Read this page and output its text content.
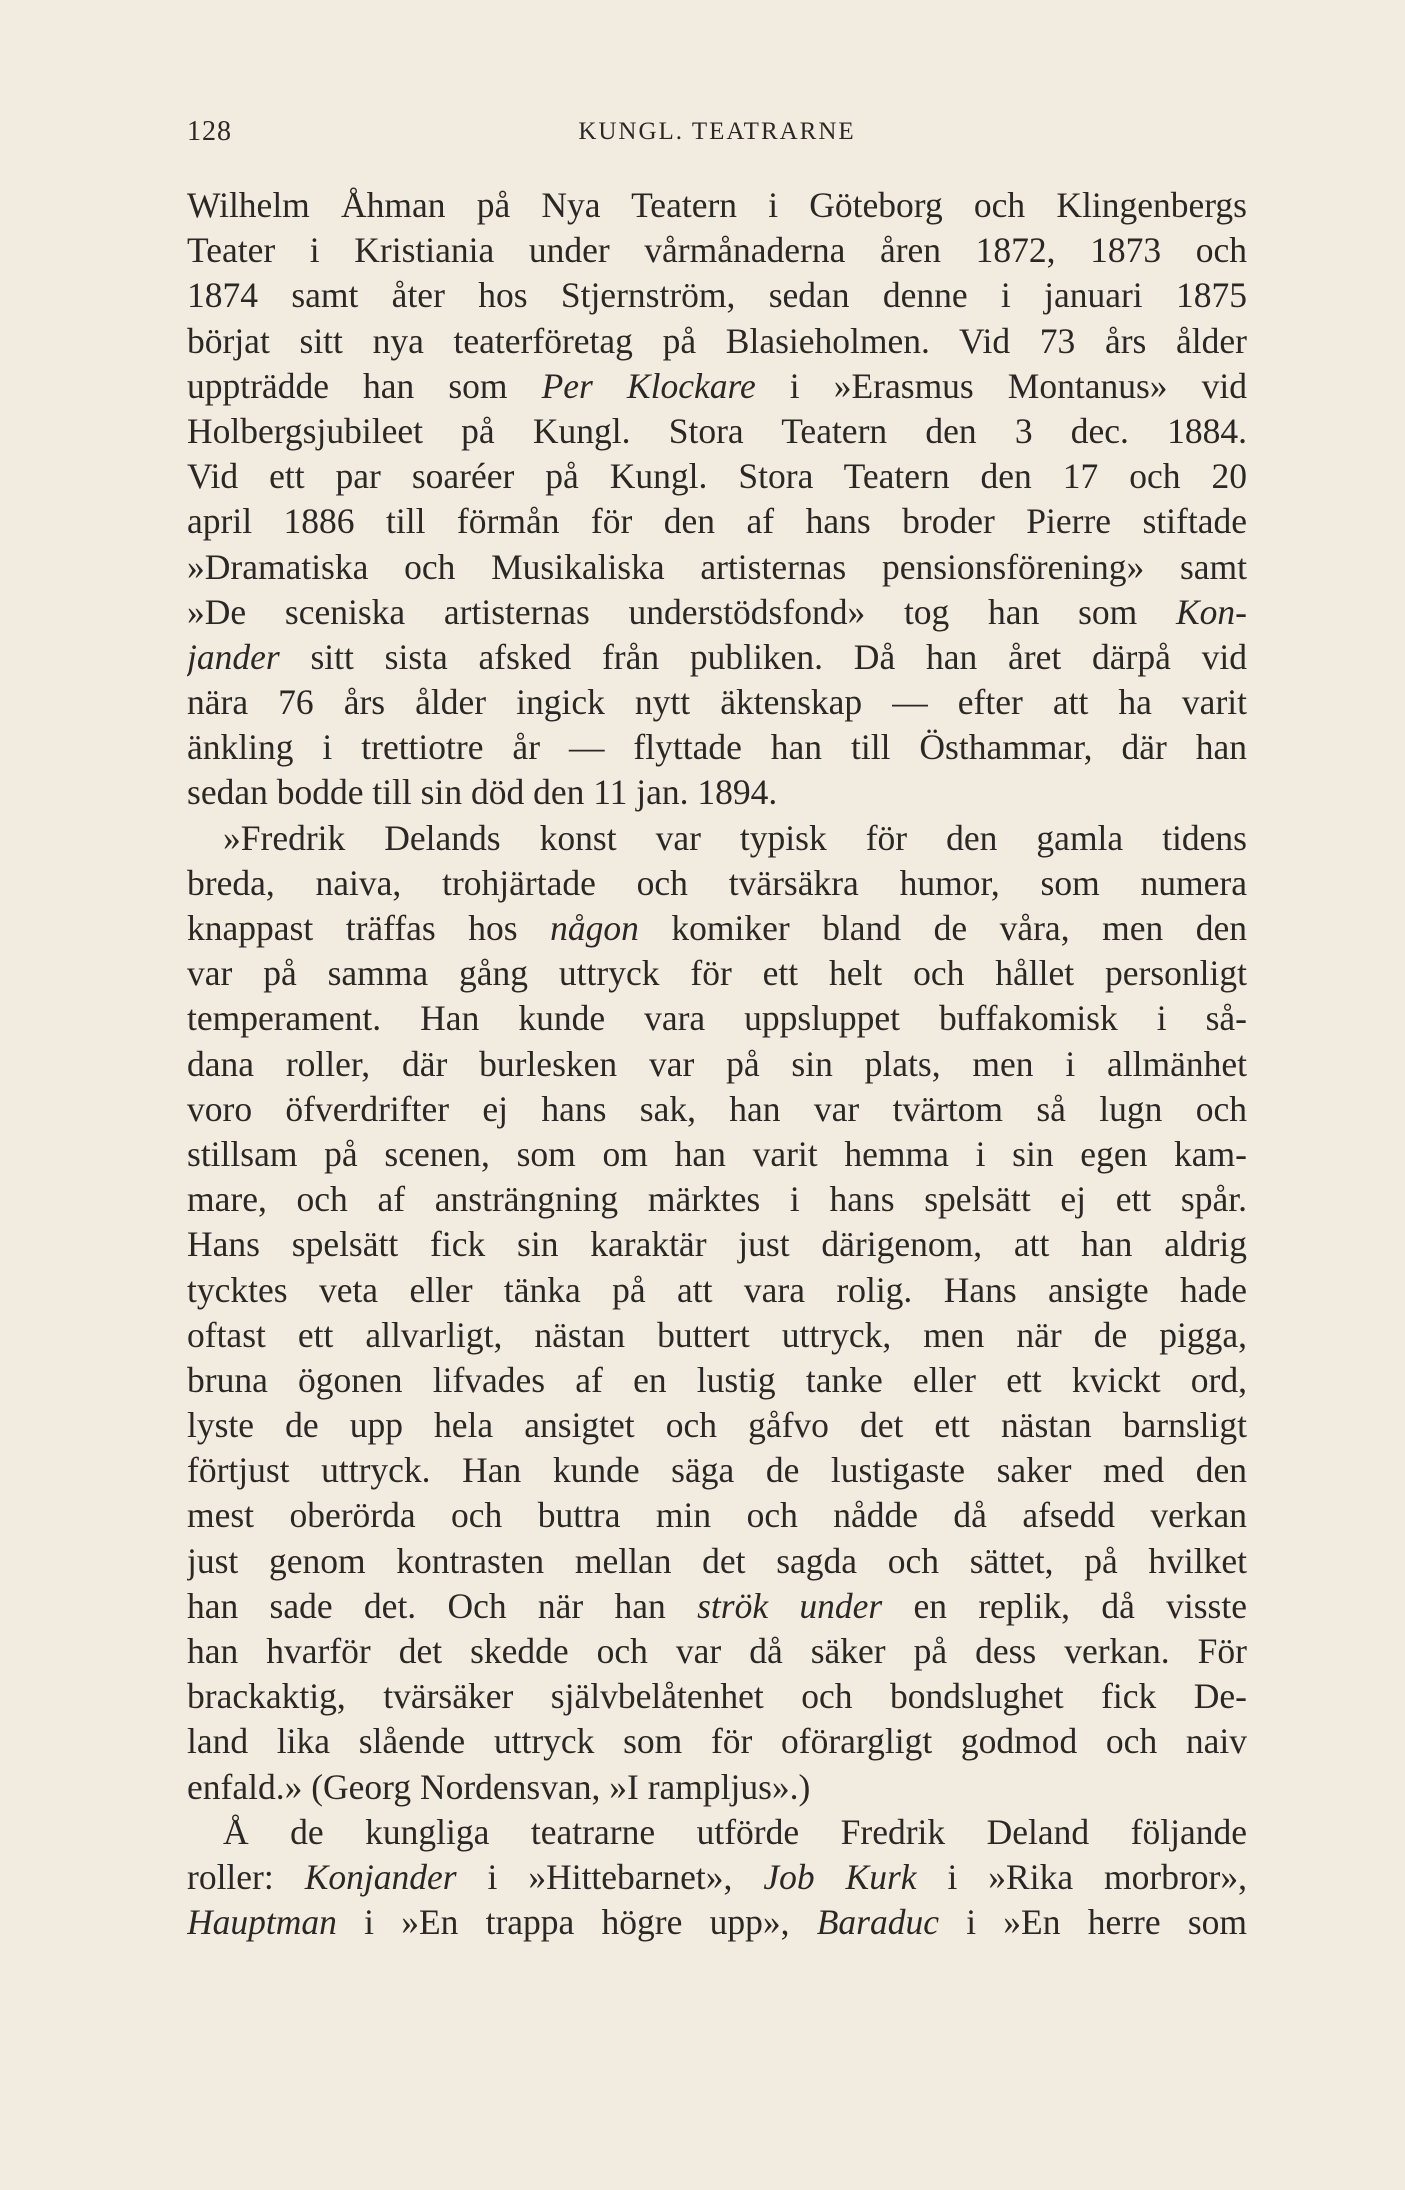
128	KUNGL. TEATRARNE
Wilhelm Åhman på Nya Teatern i Göteborg och Klingenbergs
Teater i Kristiania under vårmånaderna åren 1872, 1873 och
1874 samt åter hos Stjernström, sedan denne i januari 1875
börjat sitt nya teaterföretag på Blasieholmen. Vid 73 års ålder
uppträdde han som Per Klockare i »Erasmus Montanus» vid
Holbergsjubileet på Kungl. Stora Teatern den 3 dec. 1884.
Vid ett par soaréer på Kungl. Stora Teatern den 17 och 20
april 1886 till förmån för den af hans broder Pierre stiftade
»Dramatiska och Musikaliska artisternas pensionsförening» samt
»De sceniska artisternas understödsfond» tog han som Kon-
jander sitt sista afsked från publiken. Då han året därpå vid
nära 76 års ålder ingick nytt äktenskap — efter att ha varit
änkling i trettiotre år — flyttade han till Östhammar, där han
sedan bodde till sin död den 11 jan. 1894.
»Fredrik Delands konst var typisk för den gamla tidens
breda, naiva, trohjärtade och tvärsäkra humor, som numera
knappast träffas hos någon komiker bland de våra, men den
var på samma gång uttryck för ett helt och hållet personligt
temperament. Han kunde vara uppsluppet buffakomisk i så-
dana roller, där burlesken var på sin plats, men i allmänhet
voro öfverdrifter ej hans sak, han var tvärtom så lugn och
stillsam på scenen, som om han varit hemma i sin egen kam-
mare, och af ansträngning märktes i hans spelsätt ej ett spår.
Hans spelsätt fick sin karaktär just därigenom, att han aldrig
tycktes veta eller tänka på att vara rolig. Hans ansigte hade
oftast ett allvarligt, nästan buttert uttryck, men när de pigga,
bruna ögonen lifvades af en lustig tanke eller ett kvickt ord,
lyste de upp hela ansigtet och gåfvo det ett nästan barnsligt
förtjust uttryck. Han kunde säga de lustigaste saker med den
mest oberörda och buttra min och nådde då afsedd verkan
just genom kontrasten mellan det sagda och sättet, på hvilket
han sade det. Och när han strök under en replik, då visste
han hvarför det skedde och var då säker på dess verkan. För
brackaktig, tvärsäker självbelåtenhet och bondslughet fick De-
land lika slående uttryck som för oförargligt godmod och naiv
enfald.» (Georg Nordensvan, »I rampljus».)
Å de kungliga teatrarne utförde Fredrik Deland följande
roller: Konjander i »Hittebarnet», Job Kurk i »Rika morbror»,
Hauptman i »En trappa högre upp», Baraduc i »En herre som
